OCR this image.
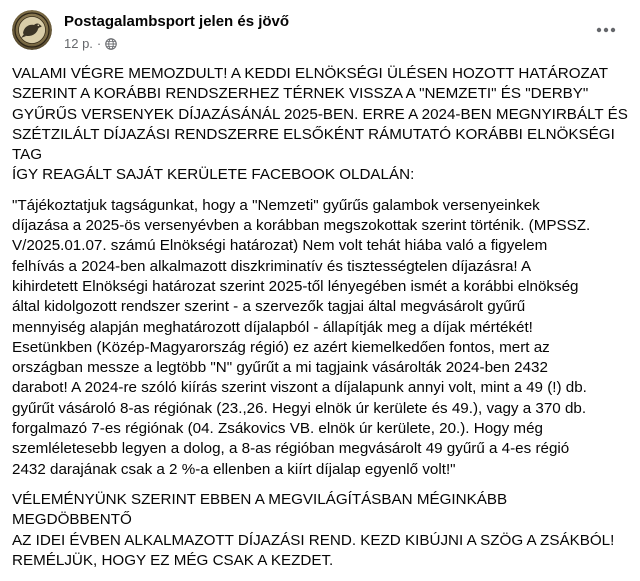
Postagalambsport jelen és jövő
12 p. ·

VALAMI VÉGRE MEMOZDULT! A KEDDI ELNÖKSÉGI ÜLÉSEN HOZOTT HATÁROZAT
SZERINT A KORÁBBI RENDSZERHEZ TÉRNEK VISSZA A "NEMZETI" ÉS "DERBY"
GYŰRŰS VERSENYEK DÍJAZÁSÁNÁL 2025-BEN. ERRE A 2024-BEN MEGNYIRBÁLT ÉS
SZÉTZILÁLT DÍJAZÁSI RENDSZERRE ELSŐKÉNT RÁMUTATÓ KORÁBBI ELNÖKSÉGI TAG
ÍGY REAGÁLT SAJÁT KERÜLETE FACEBOOK OLDALÁN:

"Tájékoztatjuk tagságunkat, hogy a "Nemzeti" gyűrűs galambok versenyeinkek
díjazása a 2025-ös versenyévben a korábban megszokottak szerint történik. (MPSSZ.
V/2025.01.07. számú Elnökségi határozat) Nem volt tehát hiába való a figyelem
felhívás a 2024-ben alkalmazott diszkriminatív és tisztességtelen díjazásra! A
kihirdetett Elnökségi határozat szerint 2025-től lényegében ismét a korábbi elnökség
által kidolgozott rendszer szerint - a szervezők tagjai által megvásárolt gyűrű
mennyiség alapján meghatározott díjalapból - állapítják meg a díjak mértékét!
Esetünkben (Közép-Magyarország régió) ez azért kiemelkedően fontos, mert az
országban messze a legtöbb "N" gyűrűt a mi tagjaink vásárolták 2024-ben 2432
darabot! A 2024-re szóló kiírás szerint viszont a díjalapunk annyi volt, mint a 49 (!) db.
gyűrűt vásároló 8-as régiónak (23.,26. Hegyi elnök úr kerülete és 49.), vagy a 370 db.
forgalmazó 7-es régiónak (04. Zsákovics VB. elnök úr kerülete, 20.). Hogy még
szemléletesebb legyen a dolog, a 8-as régióban megvásárolt 49 gyűrű a 4-es régió
2432 darajának csak a 2 %-a ellenben a kiírt díjalap egyenlő volt!"

VÉLEMÉNYÜNK SZERINT EBBEN A MEGVILÁGÍTÁSBAN MÉGINKÁBB MEGDÖBBENTŐ
AZ IDEI ÉVBEN ALKALMAZOTT DÍJAZÁSI REND. KEZD KIBÚJNI A SZÖG A ZSÁKBÓL!
REMÉLJÜK, HOGY EZ MÉG CSAK A KEZDET.
